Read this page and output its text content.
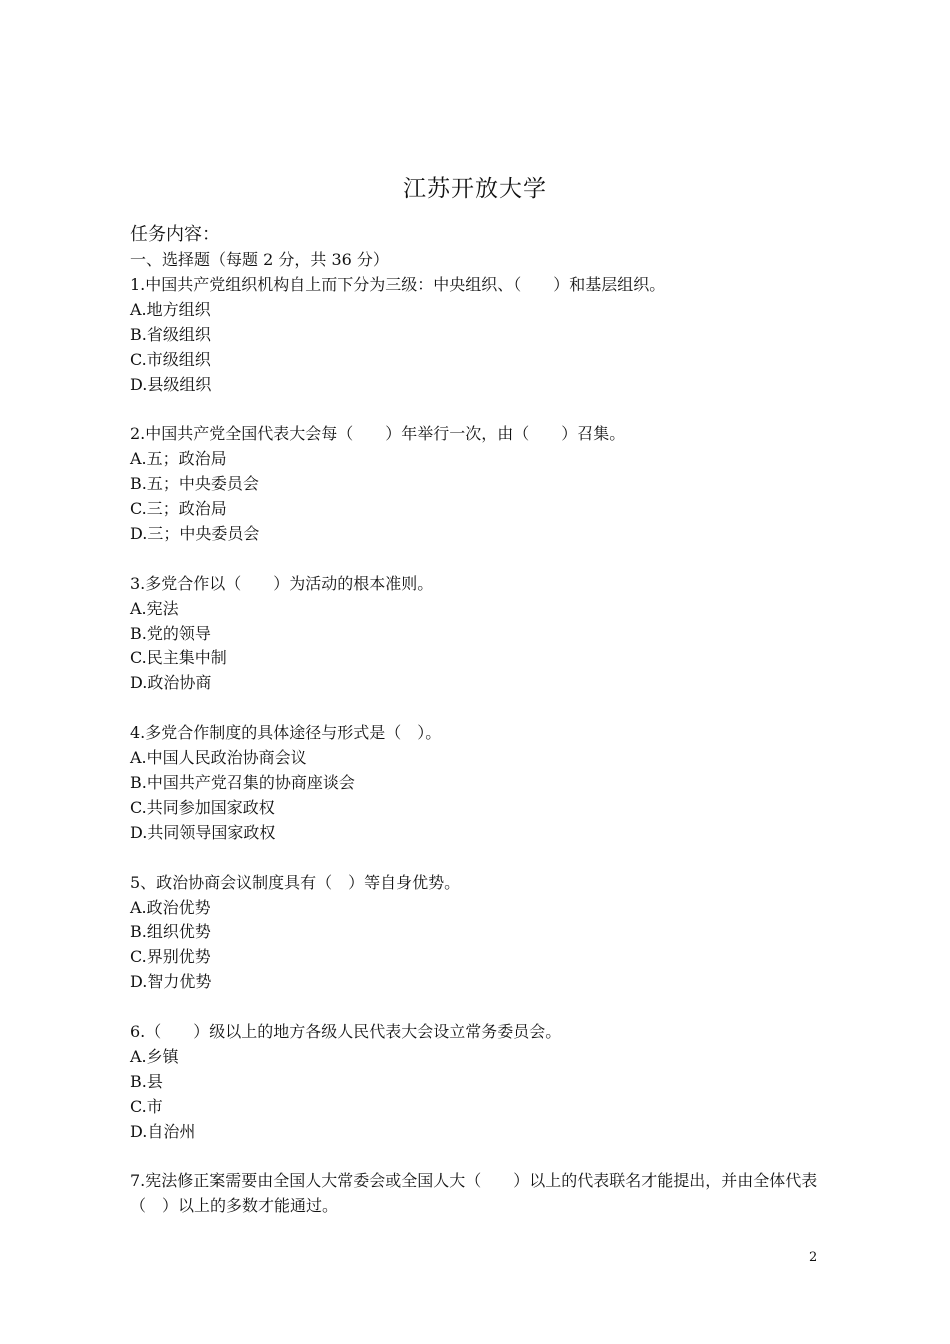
江苏开放大学
任务内容：
一、选择题（每题 2 分，共 36 分）
1.中国共产党组织机构自上而下分为三级：中央组织、（　　）和基层组织。
A.地方组织
B.省级组织
C.市级组织
D.县级组织
2.中国共产党全国代表大会每（　　）年举行一次，由（　　）召集。
A.五；政治局
B.五；中央委员会
C.三；政治局
D.三；中央委员会
3.多党合作以（　　）为活动的根本准则。
A.宪法
B.党的领导
C.民主集中制
D.政治协商
4.多党合作制度的具体途径与形式是（　）。
A.中国人民政治协商会议
B.中国共产党召集的协商座谈会
C.共同参加国家政权
D.共同领导国家政权
5、政治协商会议制度具有（　）等自身优势。
A.政治优势
B.组织优势
C.界别优势
D.智力优势
6.（　　）级以上的地方各级人民代表大会设立常务委员会。
A.乡镇
B.县
C.市
D.自治州
7.宪法修正案需要由全国人大常委会或全国人大（　　）以上的代表联名才能提出，并由全体代表（　）以上的多数才能通过。
2
